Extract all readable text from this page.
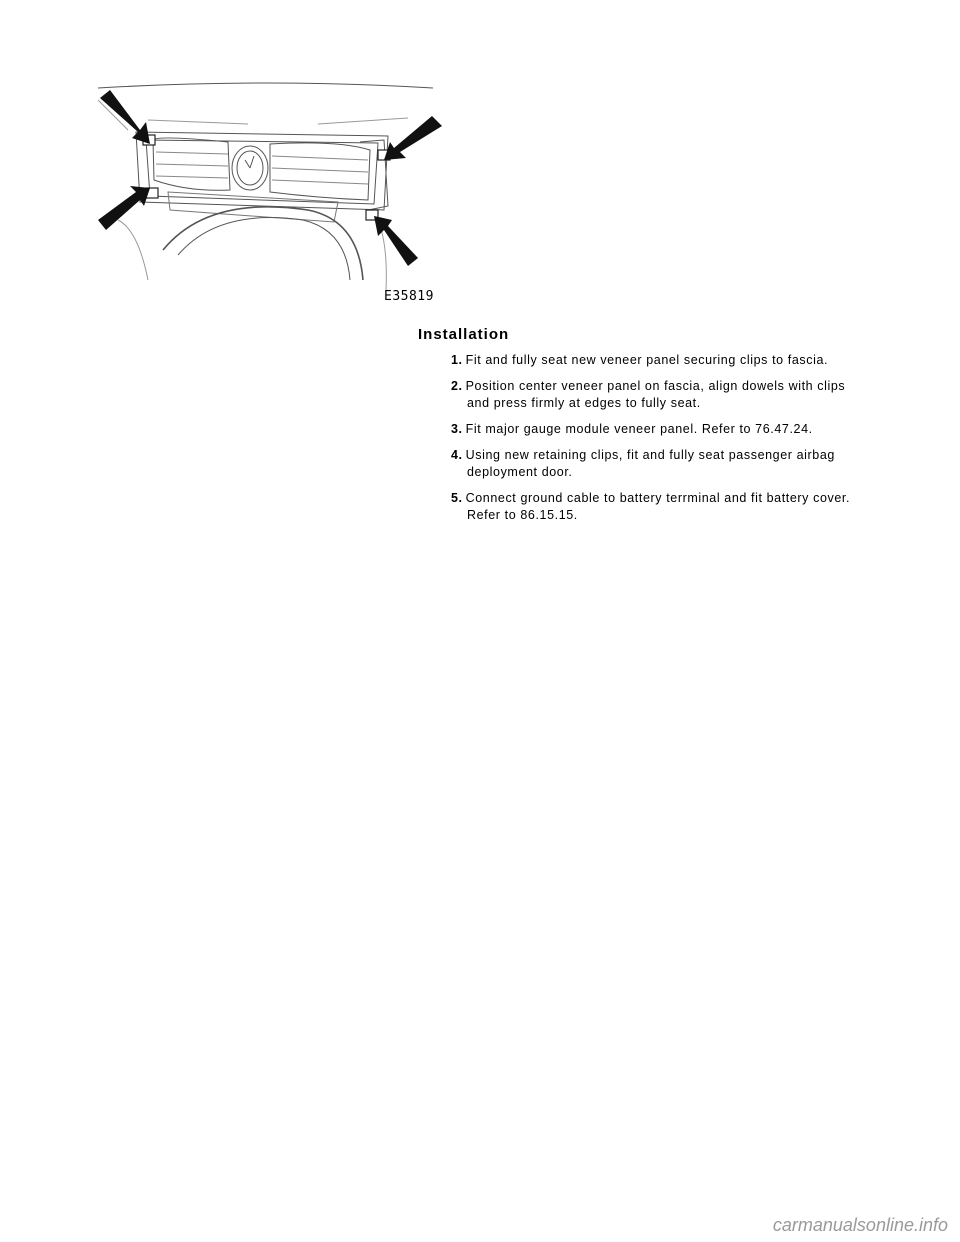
E35819
Installation
1. Fit and fully seat new veneer panel securing clips to fascia.
2. Position center veneer panel on fascia, align dowels with clips and press firmly at edges to fully seat.
3. Fit major gauge module veneer panel. Refer to 76.47.24.
4. Using new retaining clips, fit and fully seat passenger airbag deployment door.
5. Connect ground cable to battery terrminal and fit battery cover. Refer to 86.15.15.
carmanualsonline.info
